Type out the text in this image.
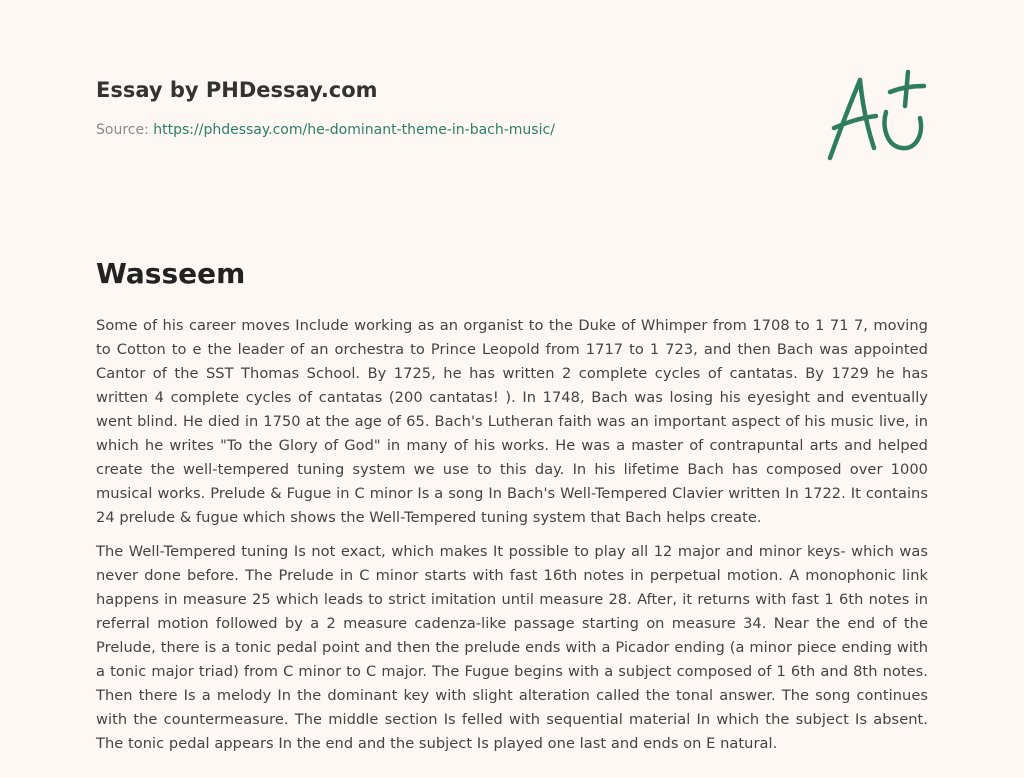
Essay by PHDessay.com
Source: https://phdessay.com/he-dominant-theme-in-bach-music/
Wasseem

Some of his career moves Include working as an organist to the Duke of Whimper from 1708 to 1 71 7, moving to Cotton to e the leader of an orchestra to Prince Leopold from 1717 to 1 723, and then Bach was appointed Cantor of the SST Thomas School. By 1725, he has written 2 complete cycles of cantatas. By 1729 he has written 4 complete cycles of cantatas (200 cantatas! ). In 1748, Bach was losing his eyesight and eventually went blind. He died in 1750 at the age of 65. Bach's Lutheran faith was an important aspect of his music live, in which he writes "To the Glory of God" in many of his works. He was a master of contrapuntal arts and helped create the well-tempered tuning system we use to this day. In his lifetime Bach has composed over 1000 musical works. Prelude & Fugue in C minor Is a song In Bach's Well-Tempered Clavier written In 1722. It contains 24 prelude & fugue which shows the Well-Tempered tuning system that Bach helps create.

The Well-Tempered tuning Is not exact, which makes It possible to play all 12 major and minor keys- which was never done before. The Prelude in C minor starts with fast 16th notes in perpetual motion. A monophonic link happens in measure 25 which leads to strict imitation until measure 28. After, it returns with fast 1 6th notes in referral motion followed by a 2 measure cadenza-like passage starting on measure 34. Near the end of the Prelude, there is a tonic pedal point and then the prelude ends with a Picador ending (a minor piece ending with a tonic major triad) from C minor to C major. The Fugue begins with a subject composed of 1 6th and 8th notes. Then there Is a melody In the dominant key with slight alteration called the tonal answer. The song continues with the countermeasure. The middle section Is felled with sequential material In which the subject Is absent. The tonic pedal appears In the end and the subject Is played one last and ends on E natural.
